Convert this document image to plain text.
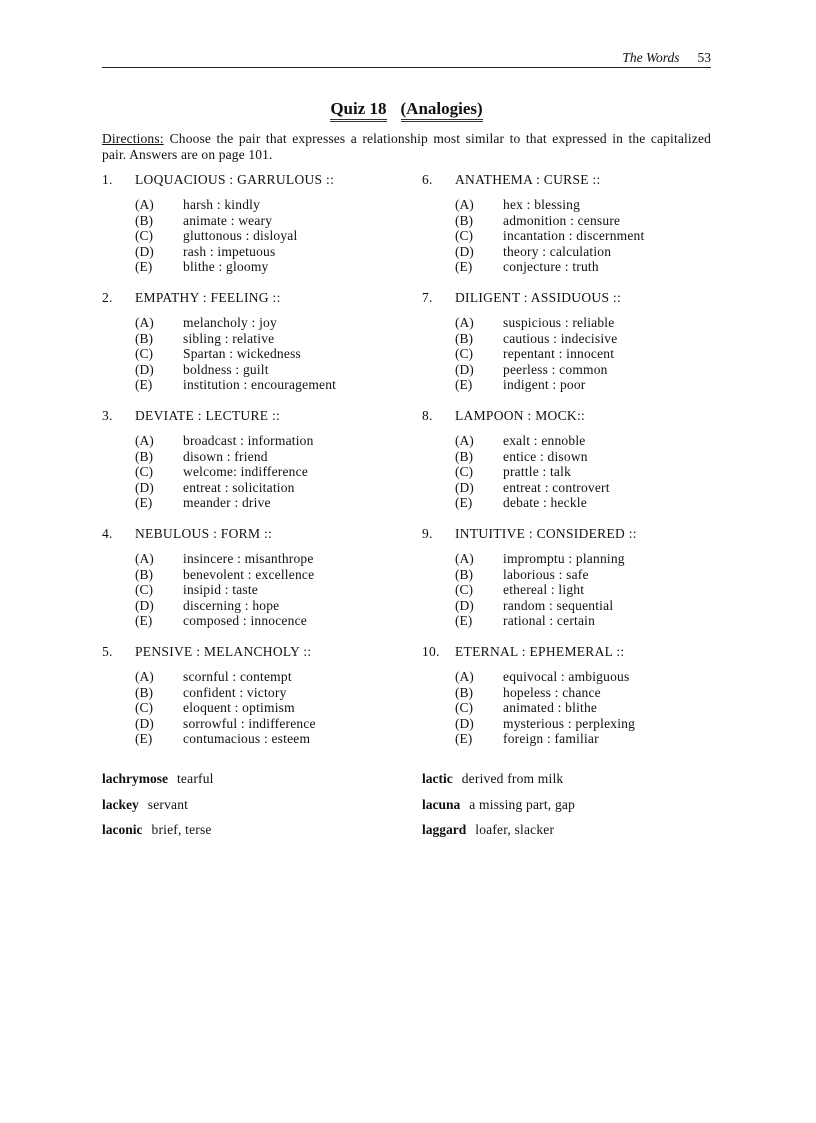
The Words 53
Quiz 18 (Analogies)
Directions: Choose the pair that expresses a relationship most similar to that expressed in the capitalized pair. Answers are on page 101.
1. LOQUACIOUS : GARRULOUS ::
(A) harsh : kindly
(B) animate : weary
(C) gluttonous : disloyal
(D) rash : impetuous
(E) blithe : gloomy
2. EMPATHY : FEELING ::
(A) melancholy : joy
(B) sibling : relative
(C) Spartan : wickedness
(D) boldness : guilt
(E) institution : encouragement
3. DEVIATE : LECTURE ::
(A) broadcast : information
(B) disown : friend
(C) welcome: indifference
(D) entreat : solicitation
(E) meander : drive
4. NEBULOUS : FORM ::
(A) insincere : misanthrope
(B) benevolent : excellence
(C) insipid : taste
(D) discerning : hope
(E) composed : innocence
5. PENSIVE : MELANCHOLY ::
(A) scornful : contempt
(B) confident : victory
(C) eloquent : optimism
(D) sorrowful : indifference
(E) contumacious : esteem
6. ANATHEMA : CURSE ::
(A) hex : blessing
(B) admonition : censure
(C) incantation : discernment
(D) theory : calculation
(E) conjecture : truth
7. DILIGENT : ASSIDUOUS ::
(A) suspicious : reliable
(B) cautious : indecisive
(C) repentant : innocent
(D) peerless : common
(E) indigent : poor
8. LAMPOON : MOCK::
(A) exalt : ennoble
(B) entice : disown
(C) prattle : talk
(D) entreat : controvert
(E) debate : heckle
9. INTUITIVE : CONSIDERED ::
(A) impromptu : planning
(B) laborious : safe
(C) ethereal : light
(D) random : sequential
(E) rational : certain
10. ETERNAL : EPHEMERAL ::
(A) equivocal : ambiguous
(B) hopeless : chance
(C) animated : blithe
(D) mysterious : perplexing
(E) foreign : familiar
lachrymose tearful
lackey servant
laconic brief, terse
lactic derived from milk
lacuna a missing part, gap
laggard loafer, slacker
